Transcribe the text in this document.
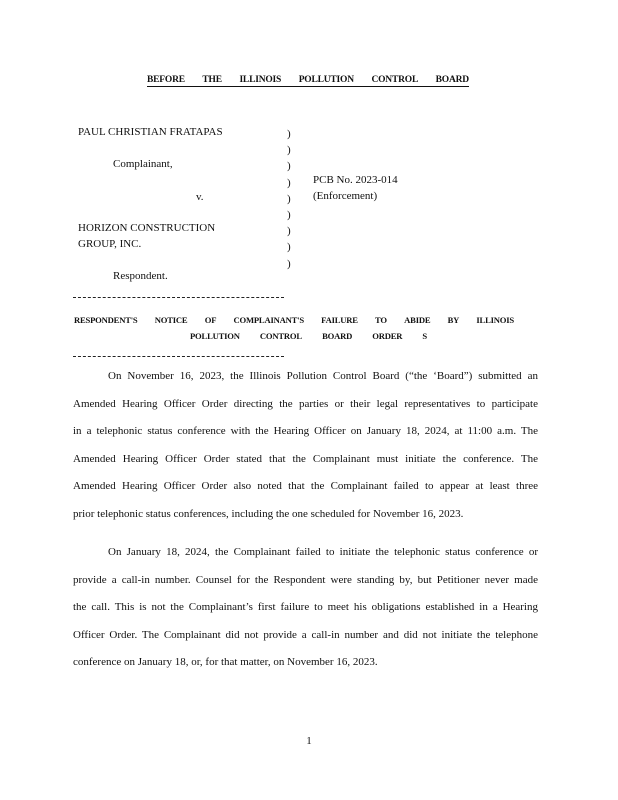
BEFORE THE ILLINOIS POLLUTION CONTROL BOARD
PAUL CHRISTIAN FRATAPAS
Complainant,
v.
HORIZON CONSTRUCTION
GROUP, INC.
Respondent.
)
)
)
)
)
)
)
)
)
PCB No. 2023-014
(Enforcement)
RESPONDENT'S NOTICE OF COMPLAINANT'S FAILURE TO ABIDE BY ILLINOIS
POLLUTION CONTROL BOARD ORDER S
On November 16, 2023, the Illinois Pollution Control Board (“the ‘Board”) submitted an
Amended Hearing Officer Order directing the parties or their legal representatives to participate
in a telephonic status conference with the Hearing Officer on January 18, 2024, at 11:00 a.m. The
Amended Hearing Officer Order stated that the Complainant must initiate the conference. The
Amended Hearing Officer Order also noted that the Complainant failed to appear at least three
prior telephonic status conferences, including the one scheduled for November 16, 2023.
On January 18, 2024, the Complainant failed to initiate the telephonic status conference or
provide a call-in number. Counsel for the Respondent were standing by, but Petitioner never made
the call. This is not the Complainant’s first failure to meet his obligations established in a Hearing
Officer Order. The Complainant did not provide a call-in number and did not initiate the telephone
conference on January 18, or, for that matter, on November 16, 2023.
1
